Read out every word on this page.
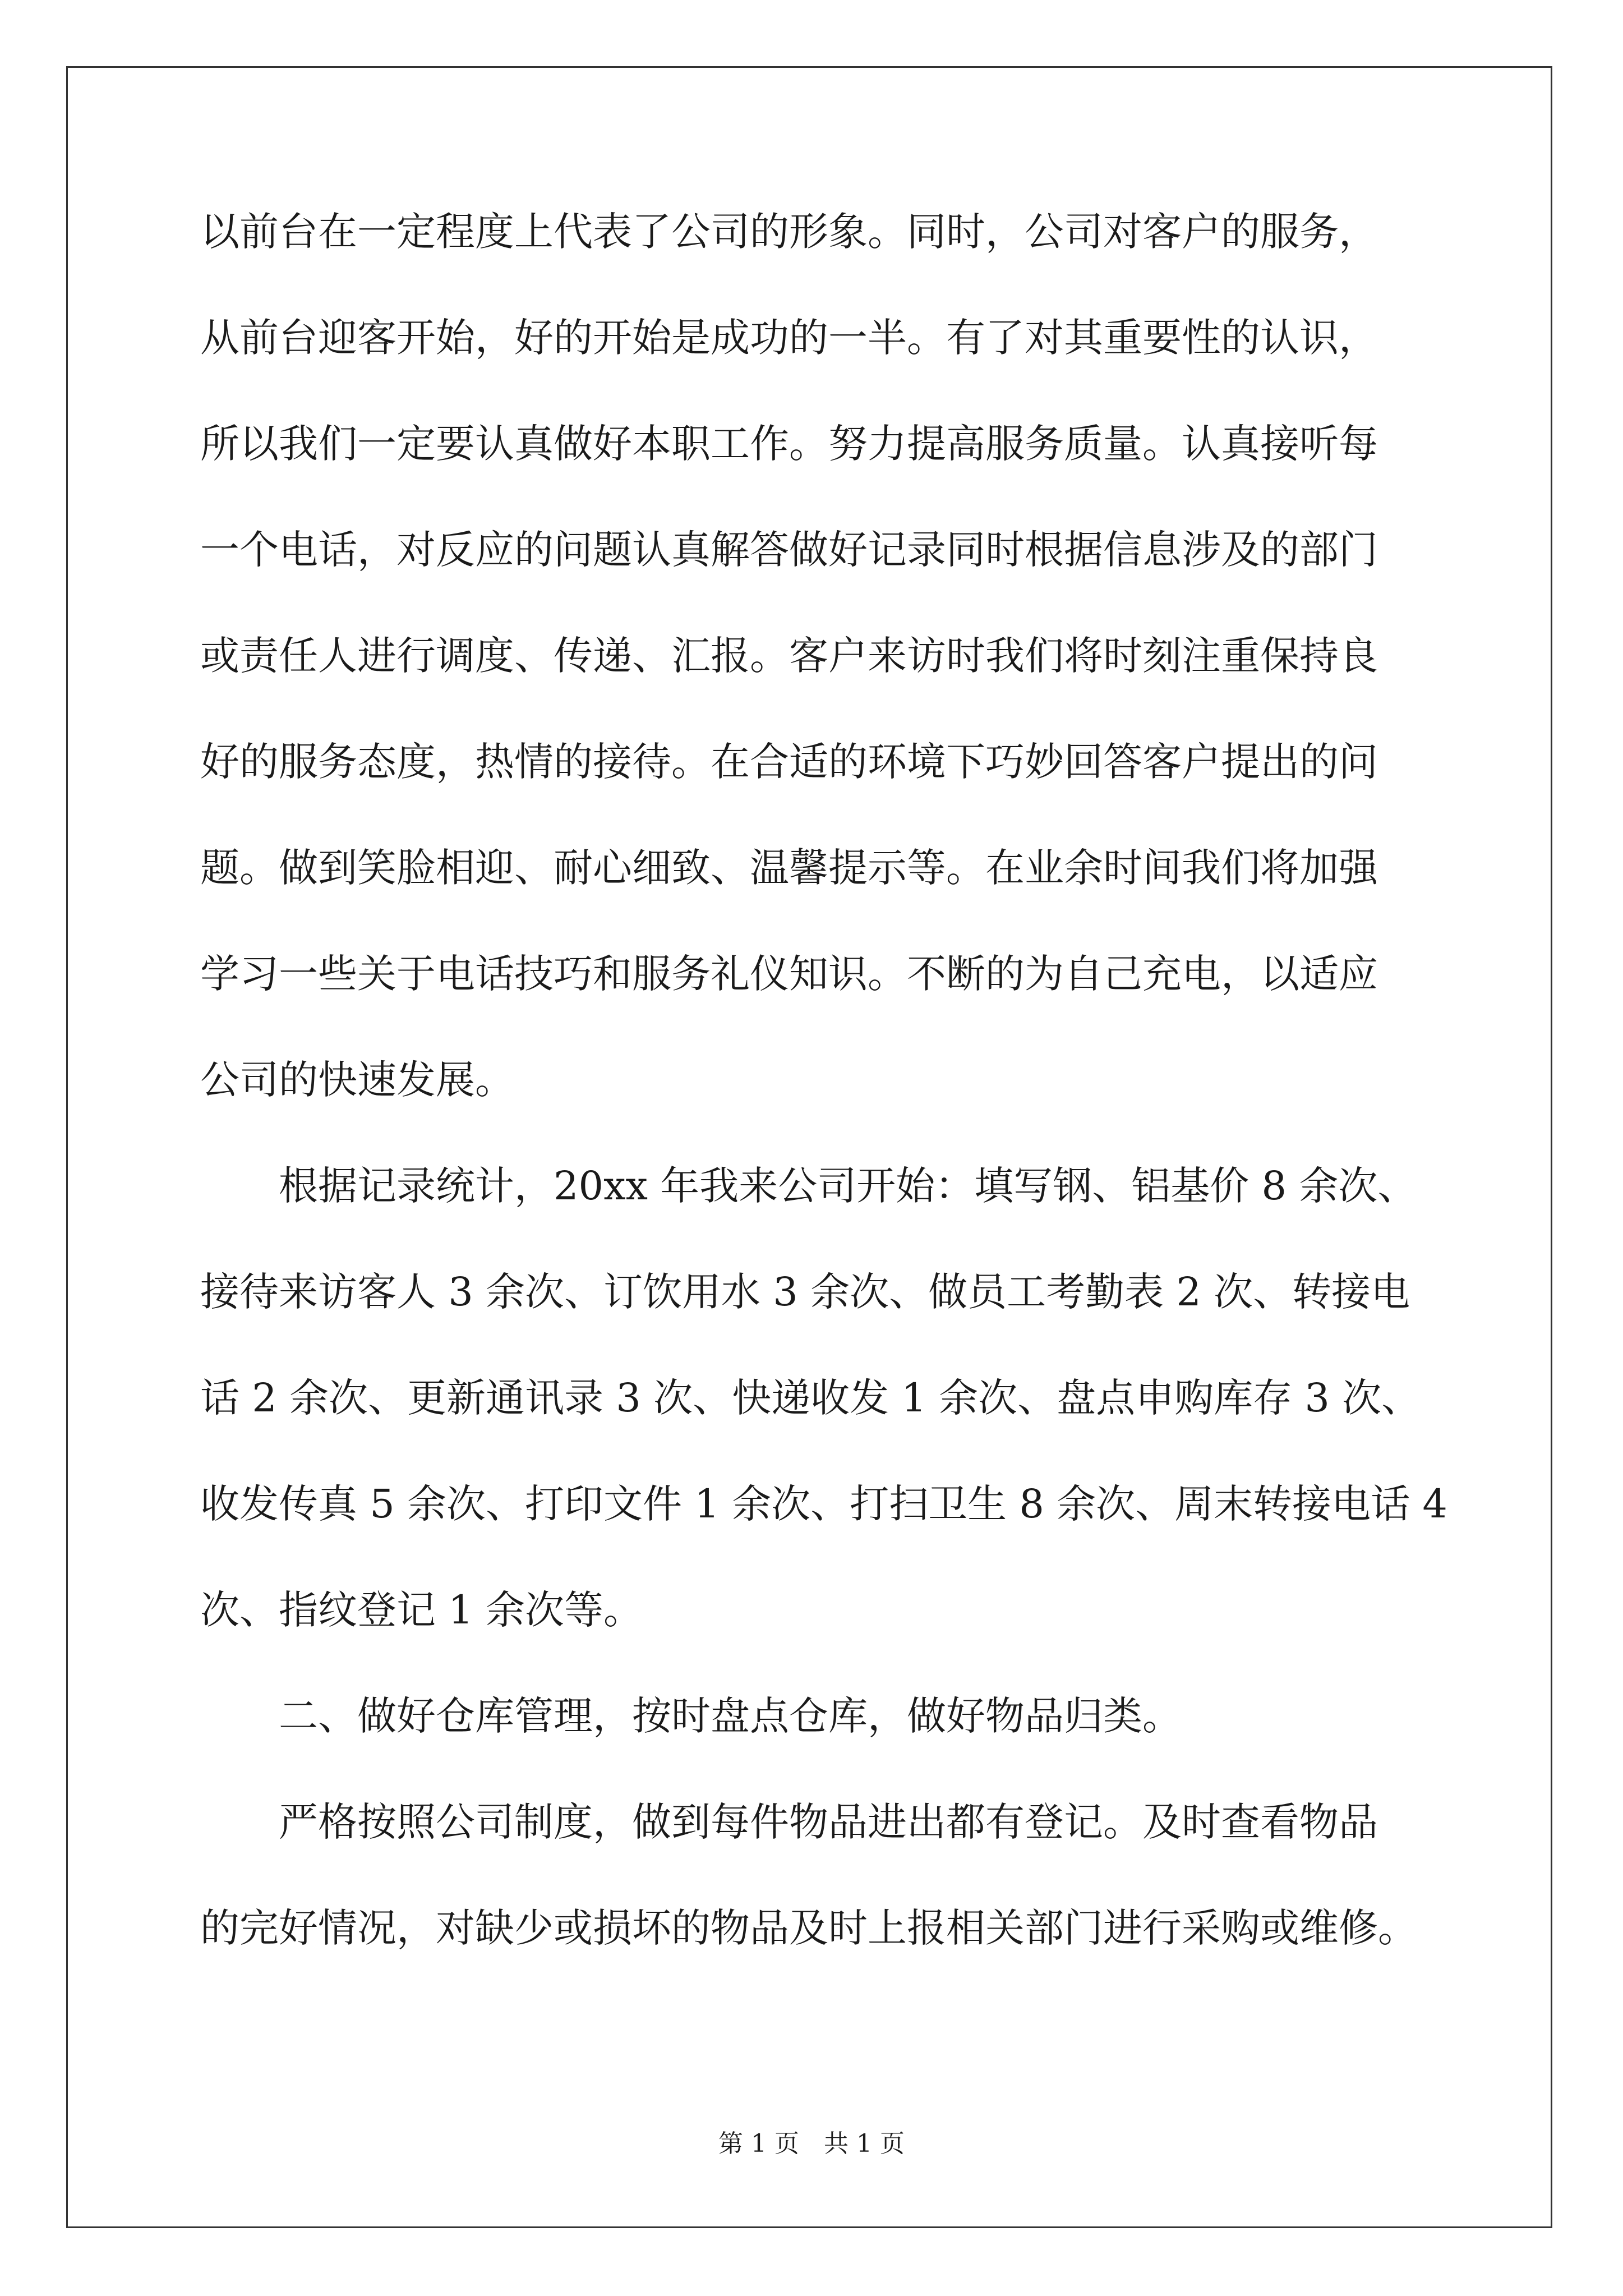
以前台在一定程度上代表了公司的形象。同时，公司对客户的服务，
从前台迎客开始，好的开始是成功的一半。有了对其重要性的认识，
所以我们一定要认真做好本职工作。努力提高服务质量。认真接听每
一个电话，对反应的问题认真解答做好记录同时根据信息涉及的部门
或责任人进行调度、传递、汇报。客户来访时我们将时刻注重保持良
好的服务态度，热情的接待。在合适的环境下巧妙回答客户提出的问
题。做到笑脸相迎、耐心细致、温馨提示等。在业余时间我们将加强
学习一些关于电话技巧和服务礼仪知识。不断的为自己充电，以适应
公司的快速发展。
　　根据记录统计，20xx 年我来公司开始：填写钢、铝基价 8 余次、
接待来访客人 3 余次、订饮用水 3 余次、做员工考勤表 2 次、转接电
话 2 余次、更新通讯录 3 次、快递收发 1 余次、盘点申购库存 3 次、
收发传真 5 余次、打印文件 1 余次、打扫卫生 8 余次、周末转接电话 4
次、指纹登记 1 余次等。
　　二、做好仓库管理，按时盘点仓库，做好物品归类。
　　严格按照公司制度，做到每件物品进出都有登记。及时查看物品
的完好情况，对缺少或损坏的物品及时上报相关部门进行采购或维修。
第 1 页　共 1 页
